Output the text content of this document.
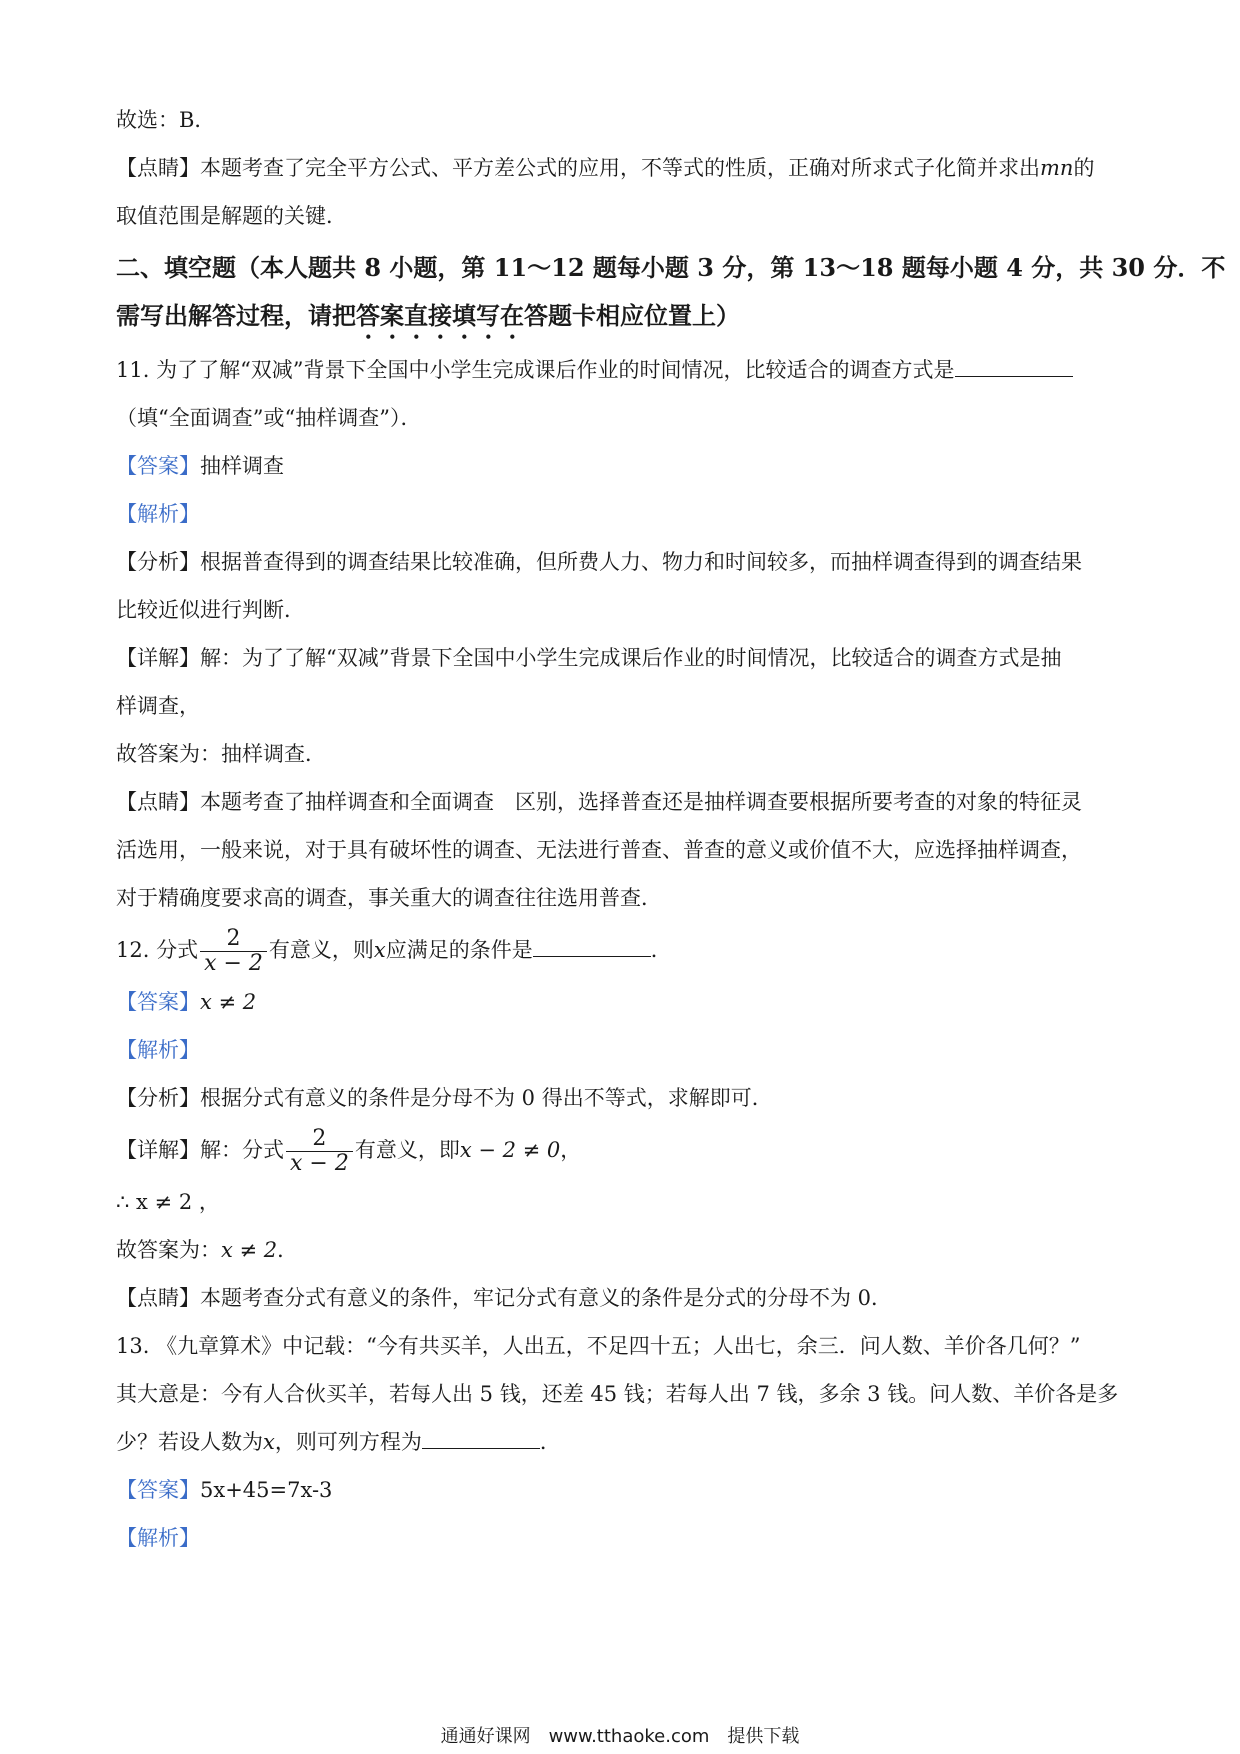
故选：B．
【点睛】本题考查了完全平方公式、平方差公式的应用，不等式的性质，正确对所求式子化简并求出mn的
取值范围是解题的关键．
二、填空题（本人题共 8 小题，第 11～12 题每小题 3 分，第 13～18 题每小题 4 分，共 30 分．不
需写出解答过程，请把答案直接填写在答题卡相应位置上）
11. 为了了解“双减”背景下全国中小学生完成课后作业的时间情况，比较适合的调查方式是
（填“全面调查”或“抽样调查”）．
【答案】抽样调查
【解析】
【分析】根据普查得到的调查结果比较准确，但所费人力、物力和时间较多，而抽样调查得到的调查结果
比较近似进行判断．
【详解】解：为了了解“双减”背景下全国中小学生完成课后作业的时间情况，比较适合的调查方式是抽
样调查，
故答案为：抽样调查．
【点睛】本题考查了抽样调查和全面调查　区别，选择普查还是抽样调查要根据所要考查的对象的特征灵
活选用，一般来说，对于具有破坏性的调查、无法进行普查、普查的意义或价值不大，应选择抽样调查，
对于精确度要求高的调查，事关重大的调查往往选用普查．
12. 分式 $\frac{2}{x - 2}$ 有意义，则x应满足的条件是	．
【答案】x ≠ 2
【解析】
【分析】根据分式有意义的条件是分母不为 0 得出不等式，求解即可．
【详解】解：分式 $\frac{2}{x - 2}$ 有意义，即x − 2 ≠ 0，
∴ x ≠ 2 ，
故答案为：x ≠ 2．
【点睛】本题考查分式有意义的条件，牢记分式有意义的条件是分式的分母不为 0．
13. 《九章算术》中记载：“今有共买羊，人出五，不足四十五；人出七，余三．问人数、羊价各几何？”
其大意是：今有人合伙买羊，若每人出 5 钱，还差 45 钱；若每人出 7 钱，多余 3 钱。问人数、羊价各是多
少？若设人数为x，则可列方程为	．
【答案】5x+45=7x-3
【解析】
通通好课网　www.tthaoke.com　提供下载
